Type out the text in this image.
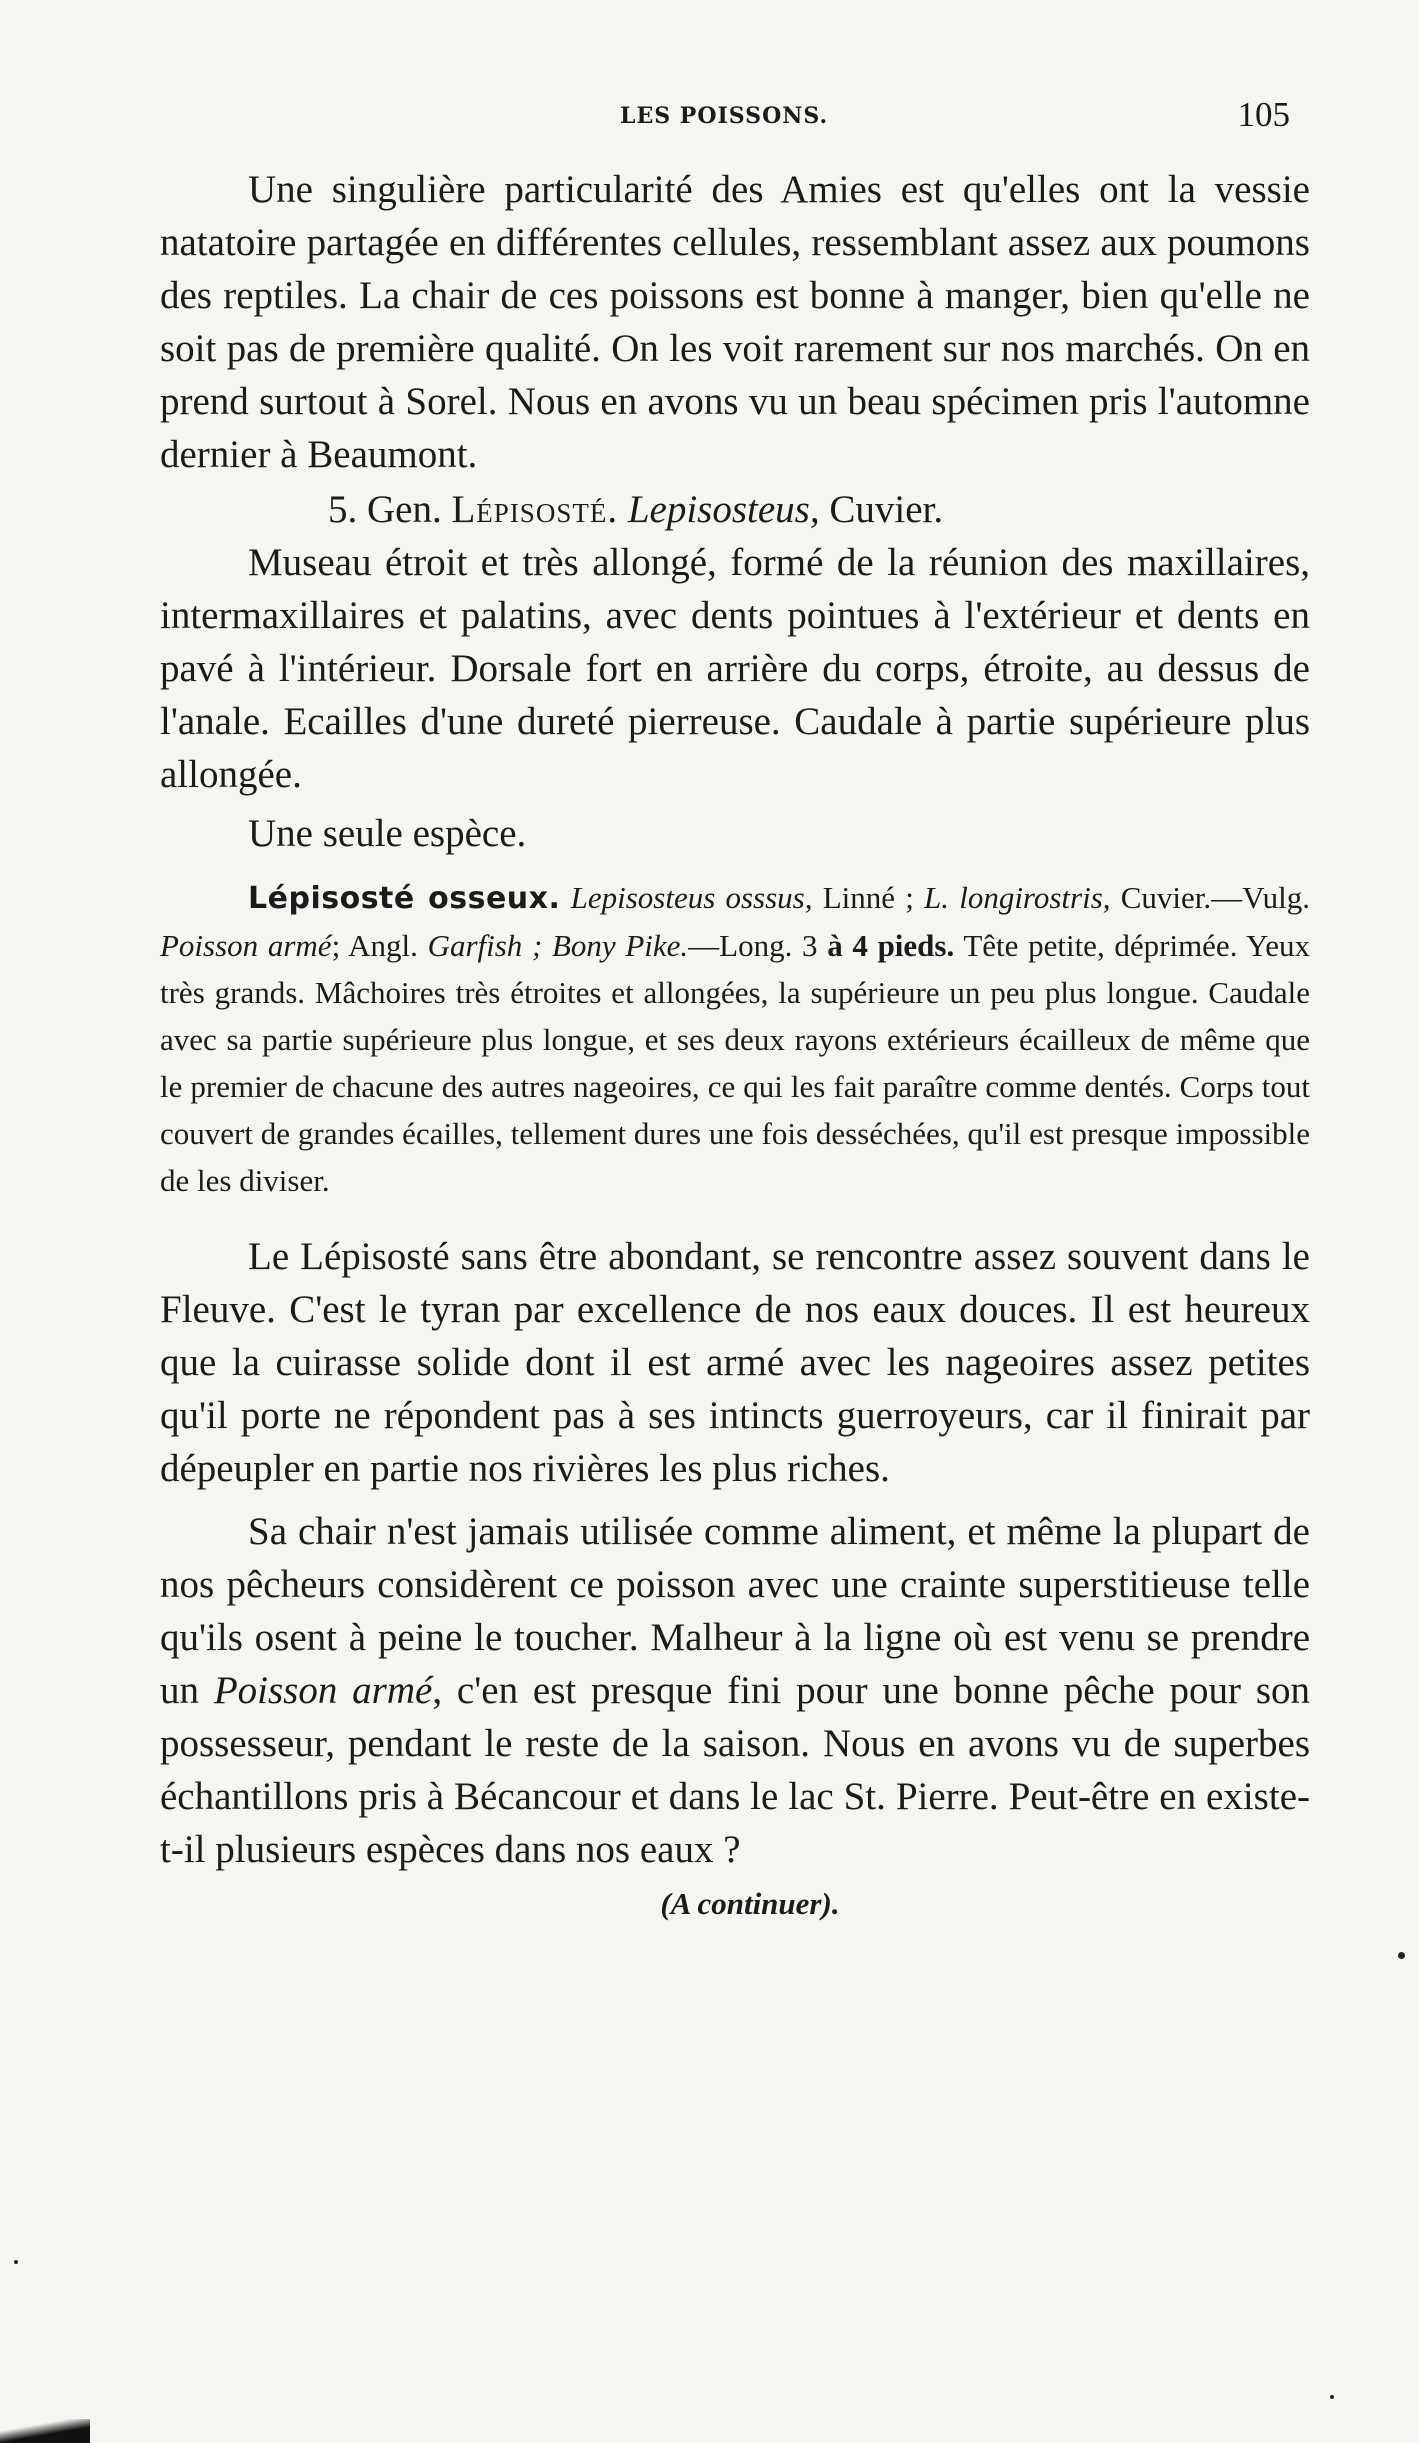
LES POISSONS.	105

Une singulière particularité des Amies est qu'elles ont la vessie natatoire partagée en différentes cellules, ressemblant assez aux poumons des reptiles. La chair de ces poissons est bonne à manger, bien qu'elle ne soit pas de première qualité. On les voit rarement sur nos marchés. On en prend surtout à Sorel. Nous en avons vu un beau spécimen pris l'automne dernier à Beaumont.

5. Gen. Lépisosté. Lepisosteus, Cuvier.

Museau étroit et très allongé, formé de la réunion des maxillaires, intermaxillaires et palatins, avec dents pointues à l'extérieur et dents en pavé à l'intérieur. Dorsale fort en arrière du corps, étroite, au dessus de l'anale. Ecailles d'une dureté pierreuse. Caudale à partie supérieure plus allongée.

Une seule espèce.

Lépisosté osseux. Lepisosteus osssus, Linné ; L. longirostris, Cuvier.—Vulg. Poisson armé; Angl. Garfish ; Bony Pike.—Long. 3 à 4 pieds. Tête petite, déprimée. Yeux très grands. Mâchoires très étroites et allongées, la supérieure un peu plus longue. Caudale avec sa partie supérieure plus longue, et ses deux rayons extérieurs écailleux de même que le premier de chacune des autres nageoires, ce qui les fait paraître comme dentés. Corps tout couvert de grandes écailles, tellement dures une fois desséchées, qu'il est presque impossible de les diviser.

Le Lépisosté sans être abondant, se rencontre assez souvent dans le Fleuve. C'est le tyran par excellence de nos eaux douces. Il est heureux que la cuirasse solide dont il est armé avec les nageoires assez petites qu'il porte ne répondent pas à ses intincts guerroyeurs, car il finirait par dépeupler en partie nos rivières les plus riches.

Sa chair n'est jamais utilisée comme aliment, et même la plupart de nos pêcheurs considèrent ce poisson avec une crainte superstitieuse telle qu'ils osent à peine le toucher. Malheur à la ligne où est venu se prendre un Poisson armé, c'en est presque fini pour une bonne pêche pour son possesseur, pendant le reste de la saison. Nous en avons vu de superbes échantillons pris à Bécancour et dans le lac St. Pierre. Peut-être en existe-t-il plusieurs espèces dans nos eaux ?

(A continuer).
